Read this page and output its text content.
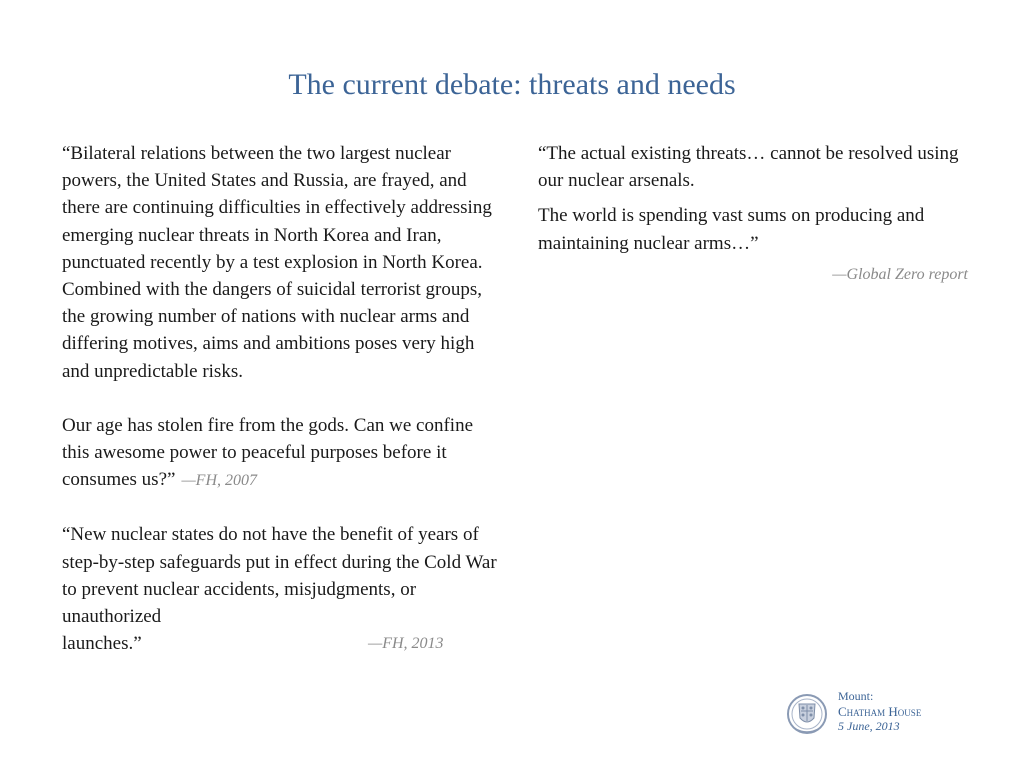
The current debate: threats and needs

“Bilateral relations between the two largest nuclear powers, the United States and Russia, are frayed, and there are continuing difficulties in effectively addressing emerging nuclear threats in North Korea and Iran, punctuated recently by a test explosion in North Korea. Combined with the dangers of suicidal terrorist groups, the growing number of nations with nuclear arms and differing motives, aims and ambitions poses very high and unpredictable risks.

Our age has stolen fire from the gods. Can we confine this awesome power to peaceful purposes before it consumes us?” —FH, 2007

“New nuclear states do not have the benefit of years of step-by-step safeguards put in effect during the Cold War to prevent nuclear accidents, misjudgments, or unauthorized

launches.”	—FH, 2013

“The actual existing threats… cannot be resolved using our nuclear arsenals.

The world is spending vast sums on producing and maintaining nuclear arms…”

—Global Zero report
Mount:
Chatham House
5 June, 2013
